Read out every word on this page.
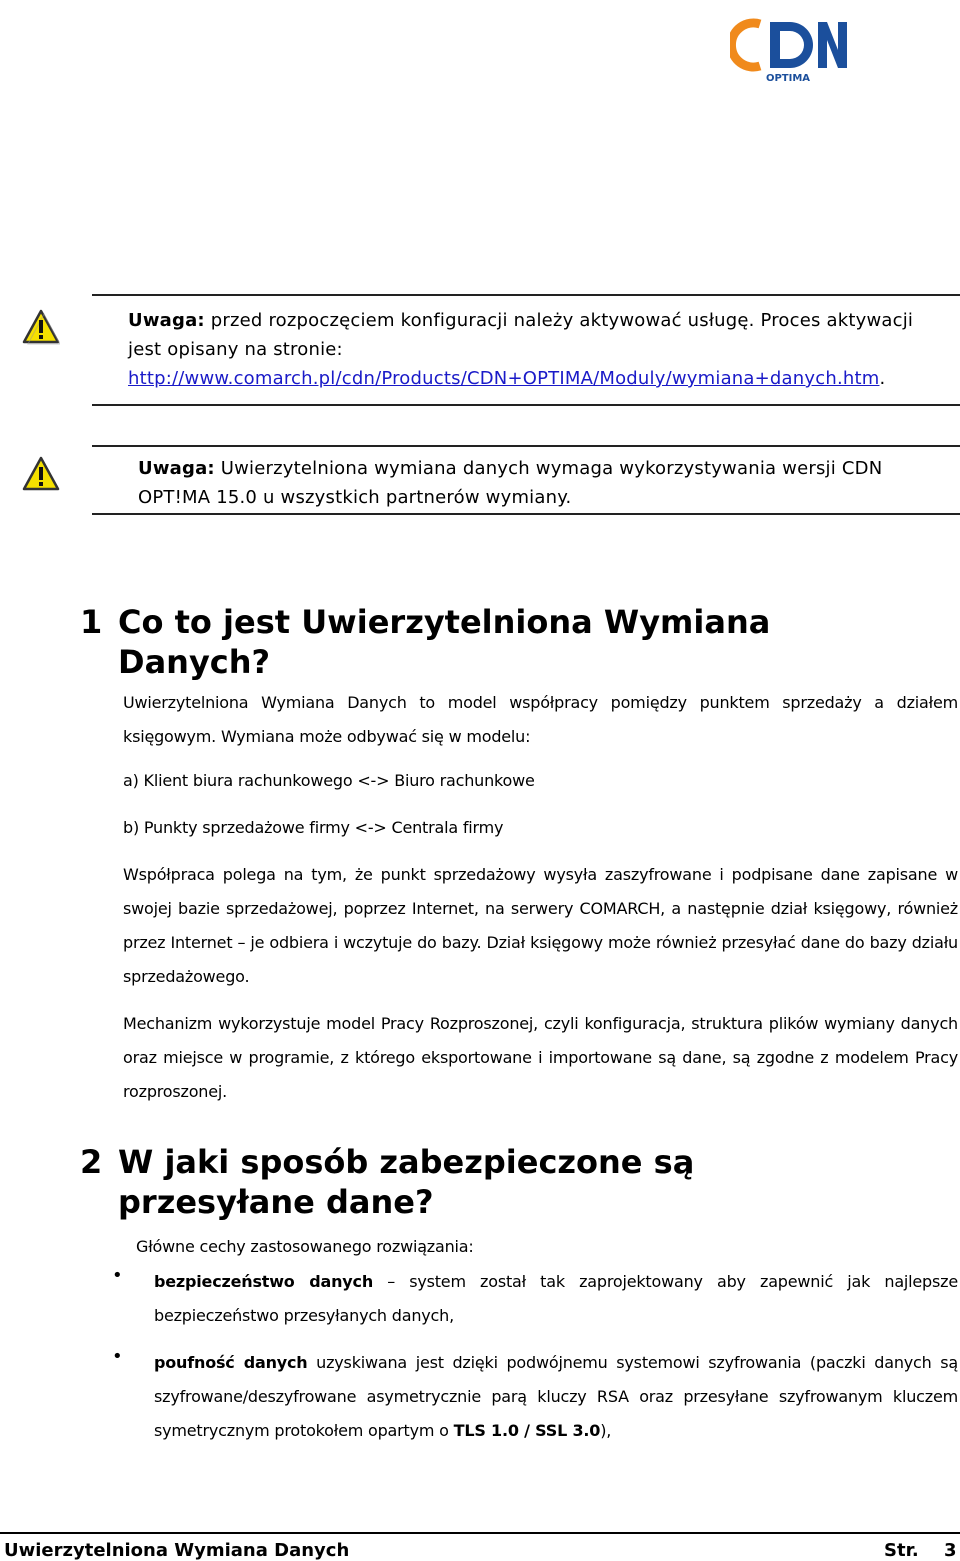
OPTIMA
Uwaga: przed rozpoczęciem konfiguracji należy aktywować usługę. Proces aktywacji jest opisany na stronie:
http://www.comarch.pl/cdn/Products/CDN+OPTIMA/Moduly/wymiana+danych.htm.
Uwaga: Uwierzytelniona wymiana danych wymaga wykorzystywania wersji CDN OPT!MA 15.0 u wszystkich partnerów wymiany.
1 Co to jest Uwierzytelniona Wymiana Danych?

Uwierzytelniona Wymiana Danych to model współpracy pomiędzy punktem sprzedaży a działem księgowym. Wymiana może odbywać się w modelu:

a) Klient biura rachunkowego <-> Biuro rachunkowe

b) Punkty sprzedażowe firmy <-> Centrala firmy

Współpraca polega na tym, że punkt sprzedażowy wysyła zaszyfrowane i podpisane dane zapisane w swojej bazie sprzedażowej, poprzez Internet, na serwery COMARCH, a następnie dział księgowy, również przez Internet – je odbiera i wczytuje do bazy. Dział księgowy może również przesyłać dane do bazy działu sprzedażowego.

Mechanizm wykorzystuje model Pracy Rozproszonej, czyli konfiguracja, struktura plików wymiany danych oraz miejsce w programie, z którego eksportowane i importowane są dane, są zgodne z modelem Pracy rozproszonej.

2 W jaki sposób zabezpieczone są przesyłane dane?

Główne cechy zastosowanego rozwiązania:

• bezpieczeństwo danych – system został tak zaprojektowany aby zapewnić jak najlepsze bezpieczeństwo przesyłanych danych,
• poufność danych uzyskiwana jest dzięki podwójnemu systemowi szyfrowania (paczki danych są szyfrowane/deszyfrowane asymetrycznie parą kluczy RSA oraz przesyłane szyfrowanym kluczem symetrycznym protokołem opartym o TLS 1.0 / SSL 3.0),
Uwierzytelniona Wymiana Danych	Str. 3
